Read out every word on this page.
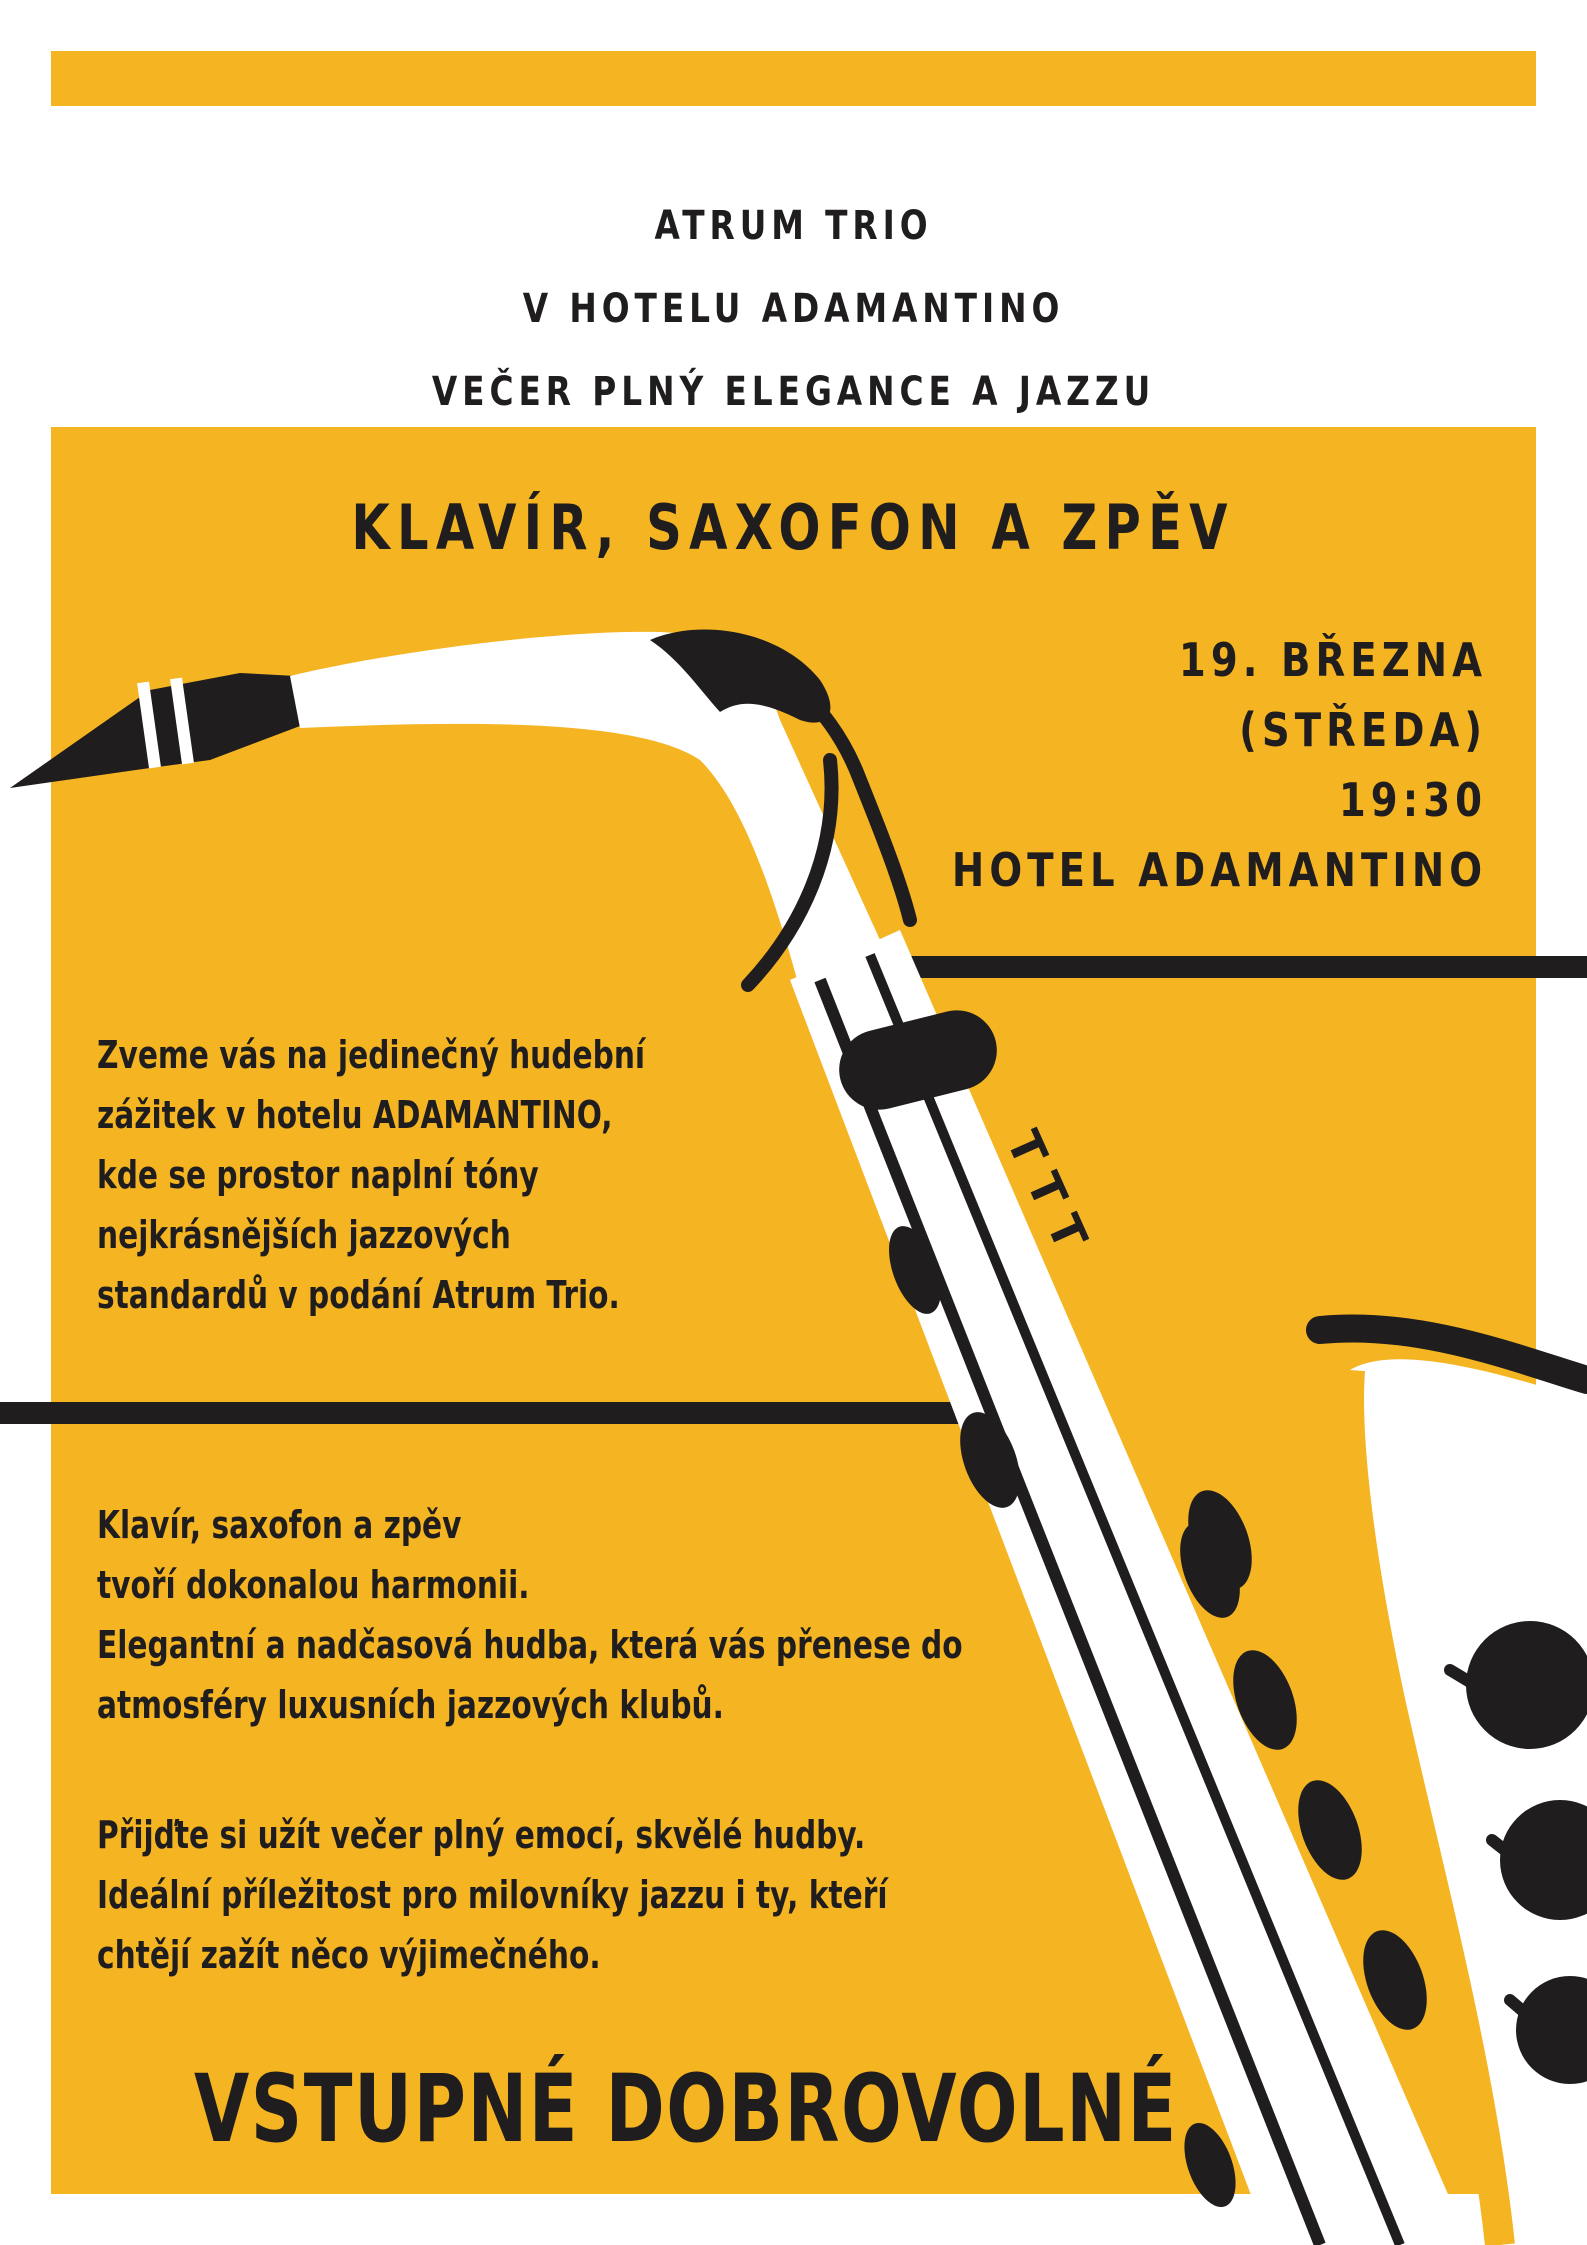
ATRUM TRIO
V HOTELU ADAMANTINO
VEČER PLNÝ ELEGANCE A JAZZU
T
T
T
KLAVÍR, SAXOFON A ZPĚV
19. BŘEZNA
(STŘEDA)
19:30
HOTEL ADAMANTINO
Zveme vás na jedinečný hudební
zážitek v hotelu ADAMANTINO,
kde se prostor naplní tóny
nejkrásnějších jazzových
standardů v podání Atrum Trio.
Klavír, saxofon a zpěv
tvoří dokonalou harmonii.
Elegantní a nadčasová hudba, která vás přenese do
atmosféry luxusních jazzových klubů.
Přijďte si užít večer plný emocí, skvělé hudby.
Ideální příležitost pro milovníky jazzu i ty, kteří
chtějí zažít něco výjimečného.
VSTUPNÉ DOBROVOLNÉ
